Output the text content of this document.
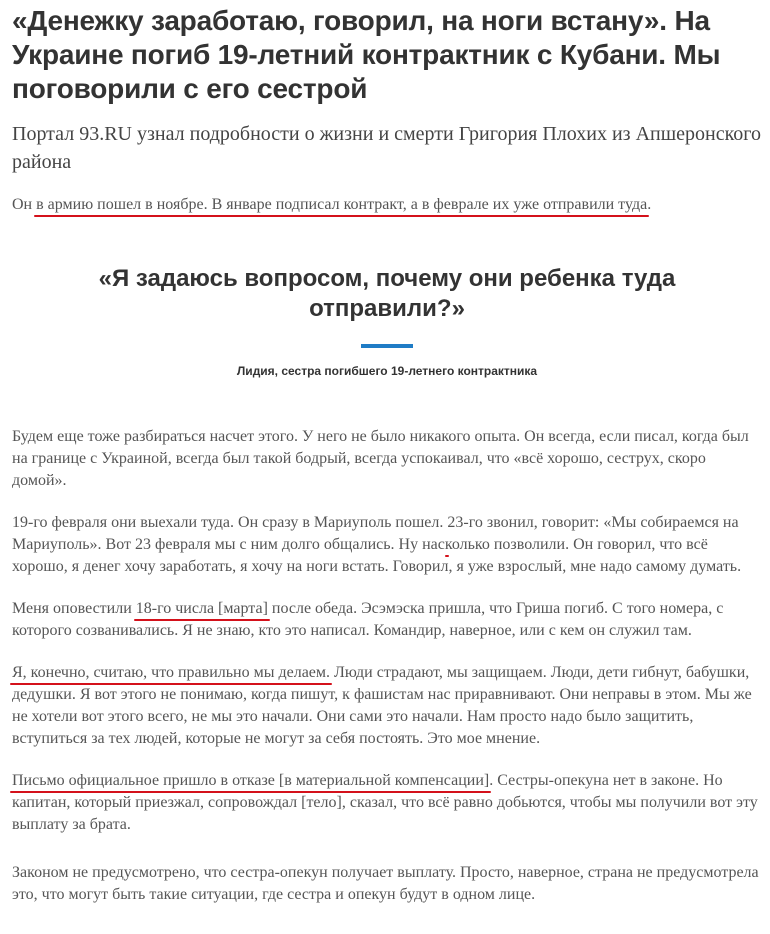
«Денежку заработаю, говорил, на ноги встану». На Украине погиб 19-летний контрактник с Кубани. Мы поговорили с его сестрой

Портал 93.RU узнал подробности о жизни и смерти Григория Плохих из Апшеронского района

Он в армию пошел в ноябре. В январе подписал контракт, а в феврале их уже отправили туда.

«Я задаюсь вопросом, почему они ребенка туда отправили?»
Лидия, сестра погибшего 19-летнего контрактника

Будем еще тоже разбираться насчет этого. У него не было никакого опыта. Он всегда, если писал, когда был на границе с Украиной, всегда был такой бодрый, всегда успокаивал, что «всё хорошо, сеструх, скоро домой».

19-го февраля они выехали туда. Он сразу в Мариуполь пошел. 23-го звонил, говорит: «Мы собираемся на Мариуполь». Вот 23 февраля мы с ним долго общались. Ну насколько позволили. Он говорил, что всё хорошо, я денег хочу заработать, я хочу на ноги встать. Говорил, я уже взрослый, мне надо самому думать.

Меня оповестили 18-го числа [марта] после обеда. Эсэмэска пришла, что Гриша погиб. С того номера, с которого созванивались. Я не знаю, кто это написал. Командир, наверное, или с кем он служил там.

Я, конечно, считаю, что правильно мы делаем. Люди страдают, мы защищаем. Люди, дети гибнут, бабушки, дедушки. Я вот этого не понимаю, когда пишут, к фашистам нас приравнивают. Они неправы в этом. Мы же не хотели вот этого всего, не мы это начали. Они сами это начали. Нам просто надо было защитить, вступиться за тех людей, которые не могут за себя постоять. Это мое мнение.

Письмо официальное пришло в отказе [в материальной компенсации]. Сестры-опекуна нет в законе. Но капитан, который приезжал, сопровождал [тело], сказал, что всё равно добьются, чтобы мы получили вот эту выплату за брата.

Законом не предусмотрено, что сестра-опекун получает выплату. Просто, наверное, страна не предусмотрела это, что могут быть такие ситуации, где сестра и опекун будут в одном лице.
